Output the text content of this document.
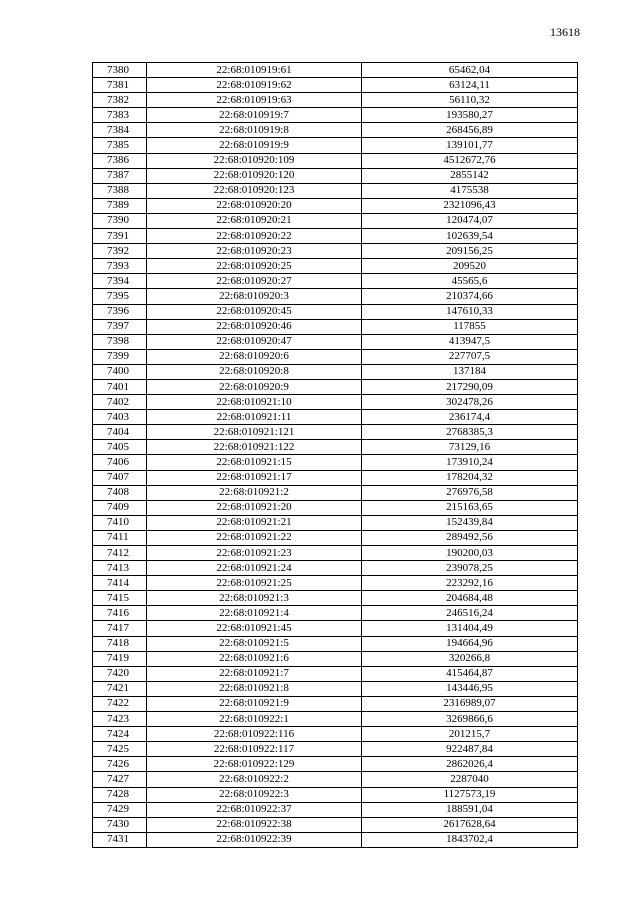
13618
7380	22:68:010919:61	65462,04
7381	22:68:010919:62	63124,11
7382	22:68:010919:63	56110,32
7383	22:68:010919:7	193580,27
7384	22:68:010919:8	268456,89
7385	22:68:010919:9	139101,77
7386	22:68:010920:109	4512672,76
7387	22:68:010920:120	2855142
7388	22:68:010920:123	4175538
7389	22:68:010920:20	2321096,43
7390	22:68:010920:21	120474,07
7391	22:68:010920:22	102639,54
7392	22:68:010920:23	209156,25
7393	22:68:010920:25	209520
7394	22:68:010920:27	45565,6
7395	22:68:010920:3	210374,66
7396	22:68:010920:45	147610,33
7397	22:68:010920:46	117855
7398	22:68:010920:47	413947,5
7399	22:68:010920:6	227707,5
7400	22:68:010920:8	137184
7401	22:68:010920:9	217290,09
7402	22:68:010921:10	302478,26
7403	22:68:010921:11	236174,4
7404	22:68:010921:121	2768385,3
7405	22:68:010921:122	73129,16
7406	22:68:010921:15	173910,24
7407	22:68:010921:17	178204,32
7408	22:68:010921:2	276976,58
7409	22:68:010921:20	215163,65
7410	22:68:010921:21	152439,84
7411	22:68:010921:22	289492,56
7412	22:68:010921:23	190200,03
7413	22:68:010921:24	239078,25
7414	22:68:010921:25	223292,16
7415	22:68:010921:3	204684,48
7416	22:68:010921:4	246516,24
7417	22:68:010921:45	131404,49
7418	22:68:010921:5	194664,96
7419	22:68:010921:6	320266,8
7420	22:68:010921:7	415464,87
7421	22:68:010921:8	143446,95
7422	22:68:010921:9	2316989,07
7423	22:68:010922:1	3269866,6
7424	22:68:010922:116	201215,7
7425	22:68:010922:117	922487,84
7426	22:68:010922:129	2862026,4
7427	22:68:010922:2	2287040
7428	22:68:010922:3	1127573,19
7429	22:68:010922:37	188591,04
7430	22:68:010922:38	2617628,64
7431	22:68:010922:39	1843702,4
